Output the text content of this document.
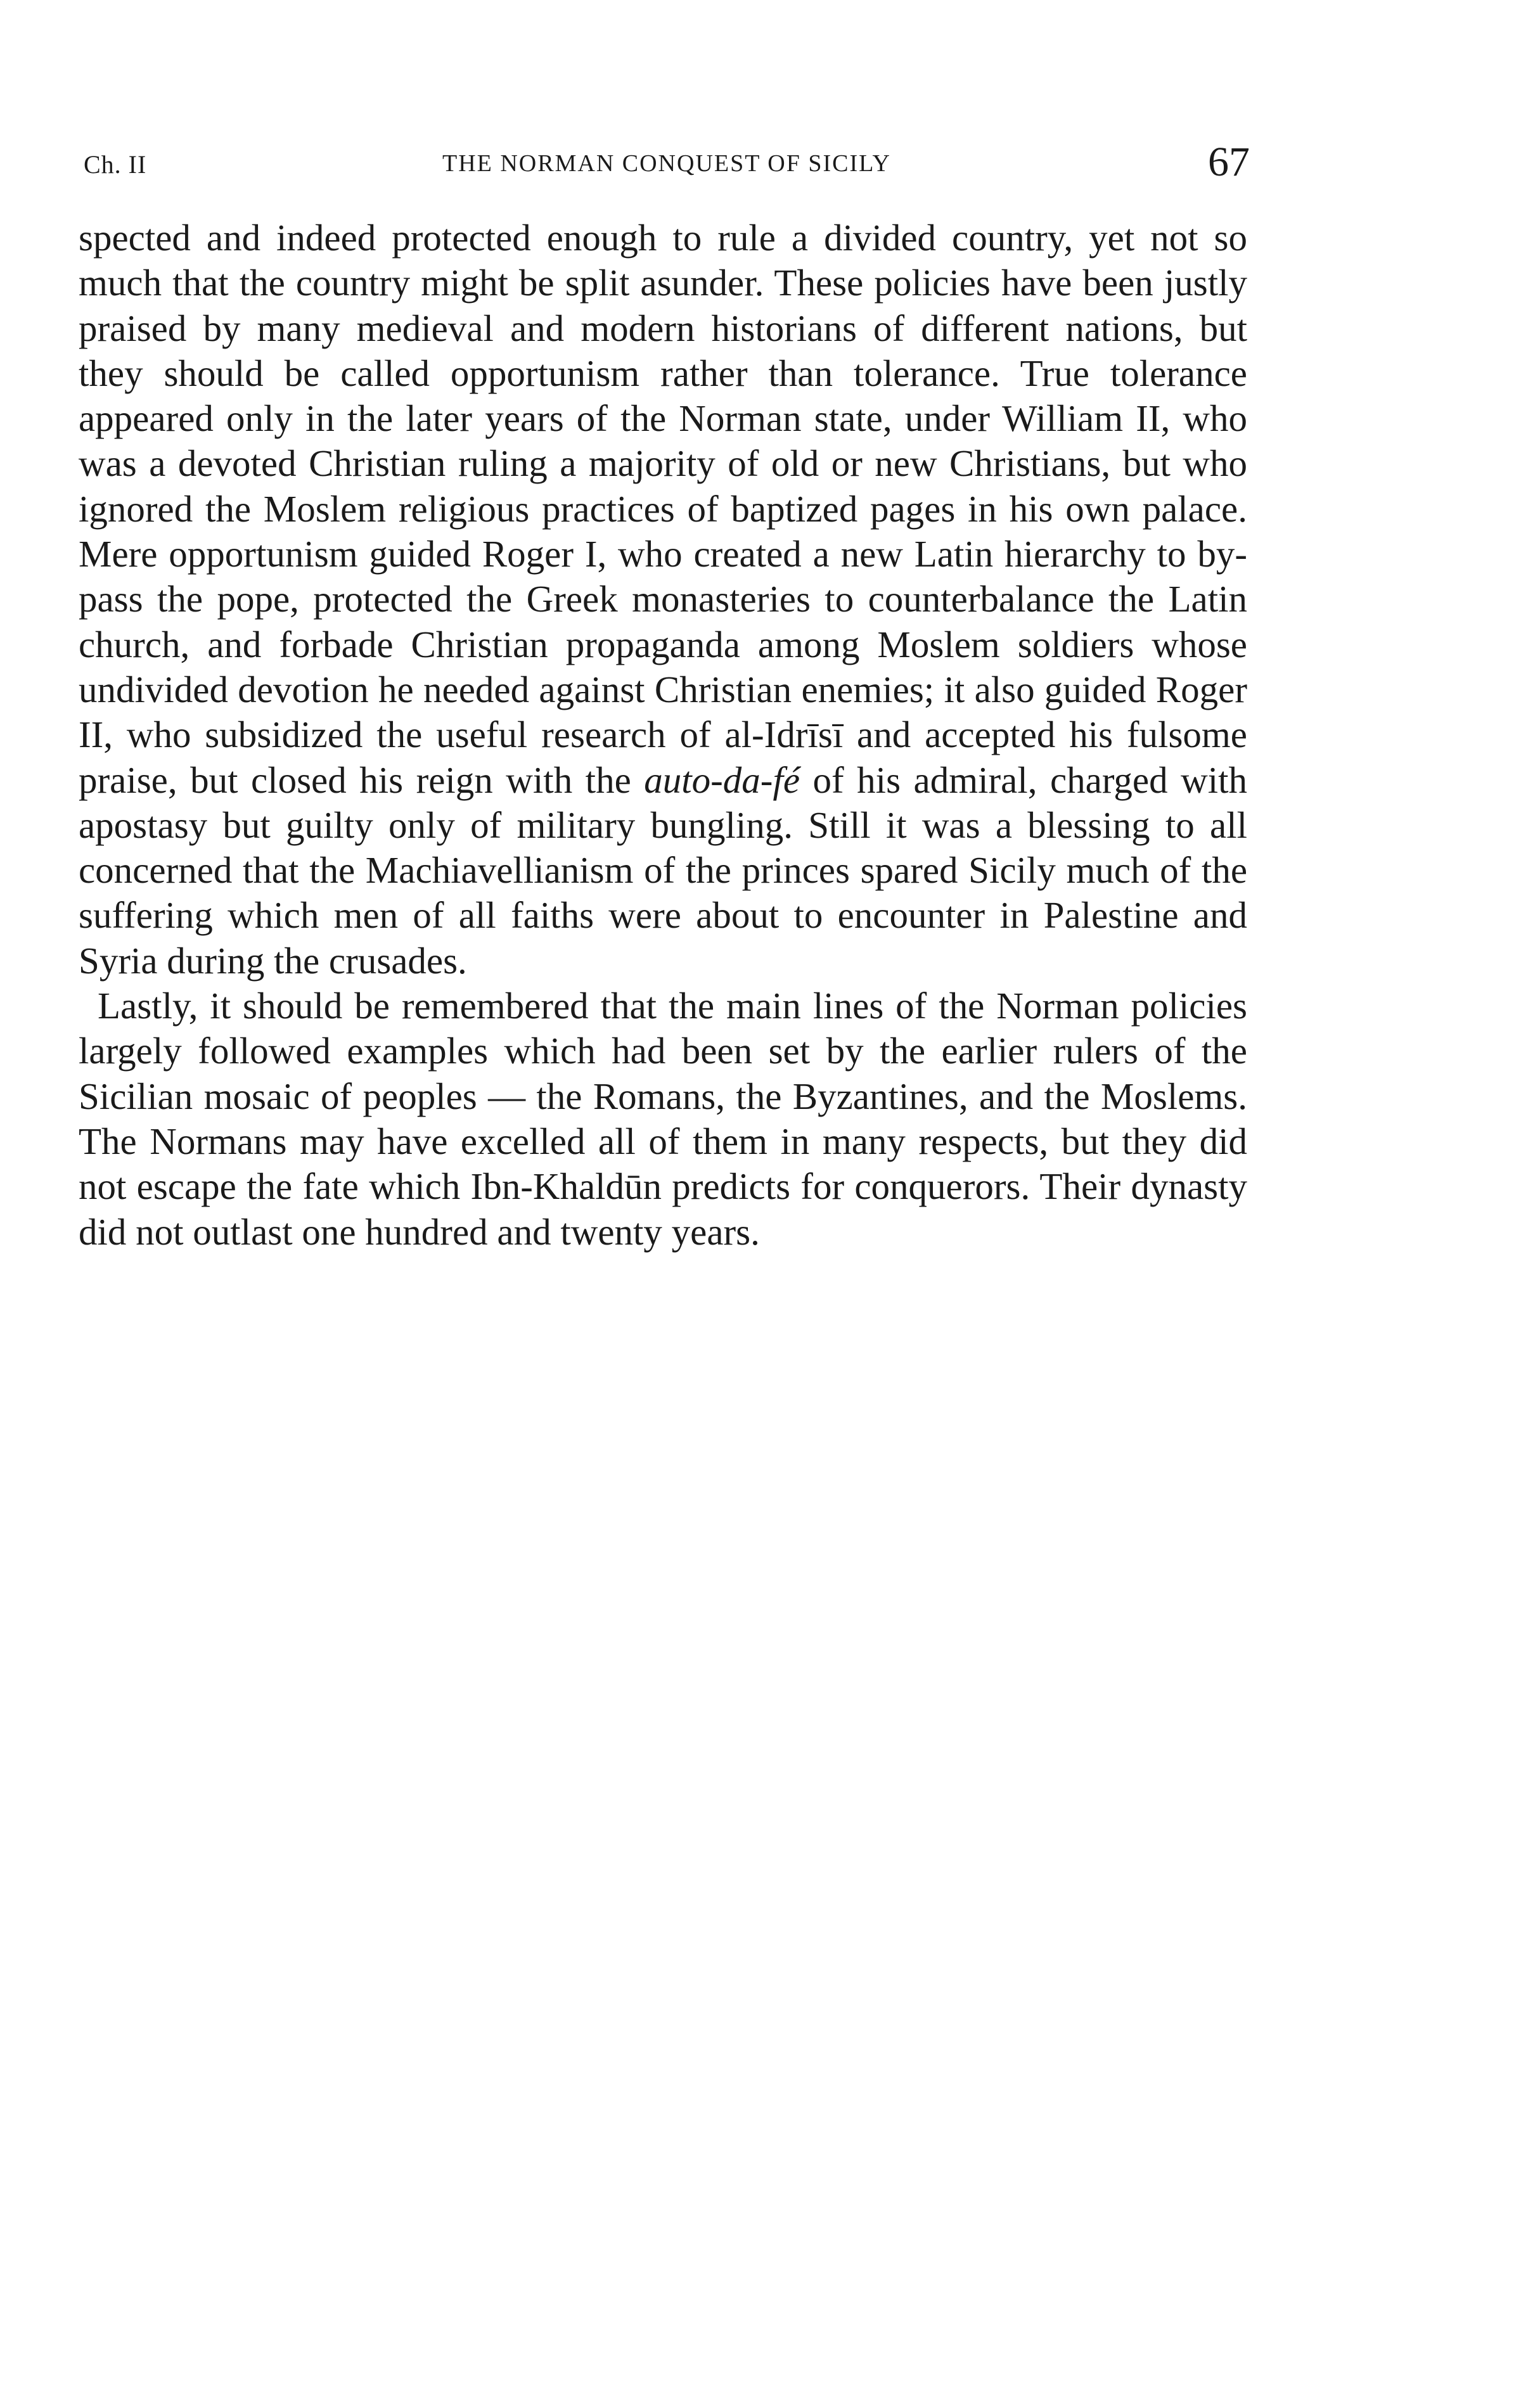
Ch. II	THE NORMAN CONQUEST OF SICILY	67

spected and indeed protected enough to rule a divided country, yet not so much that the country might be split asunder. These policies have been justly praised by many medieval and modern historians of different nations, but they should be called opportunism rather than tolerance. True tolerance appeared only in the later years of the Norman state, under William II, who was a devoted Christian ruling a majority of old or new Christians, but who ignored the Moslem religious practices of baptized pages in his own palace. Mere opportunism guided Roger I, who created a new Latin hierarchy to by-pass the pope, protected the Greek monasteries to counterbalance the Latin church, and forbade Christian propaganda among Moslem soldiers whose undivided devotion he needed against Christian enemies; it also guided Roger II, who subsidized the useful research of al-Idrīsī and accepted his fulsome praise, but closed his reign with the auto-da-fé of his admiral, charged with apostasy but guilty only of military bungling. Still it was a blessing to all concerned that the Machiavellianism of the princes spared Sicily much of the suffering which men of all faiths were about to encounter in Palestine and Syria during the crusades.

Lastly, it should be remembered that the main lines of the Norman policies largely followed examples which had been set by the earlier rulers of the Sicilian mosaic of peoples — the Romans, the Byzantines, and the Moslems. The Normans may have excelled all of them in many respects, but they did not escape the fate which Ibn-Khaldūn predicts for conquerors. Their dynasty did not outlast one hundred and twenty years.
